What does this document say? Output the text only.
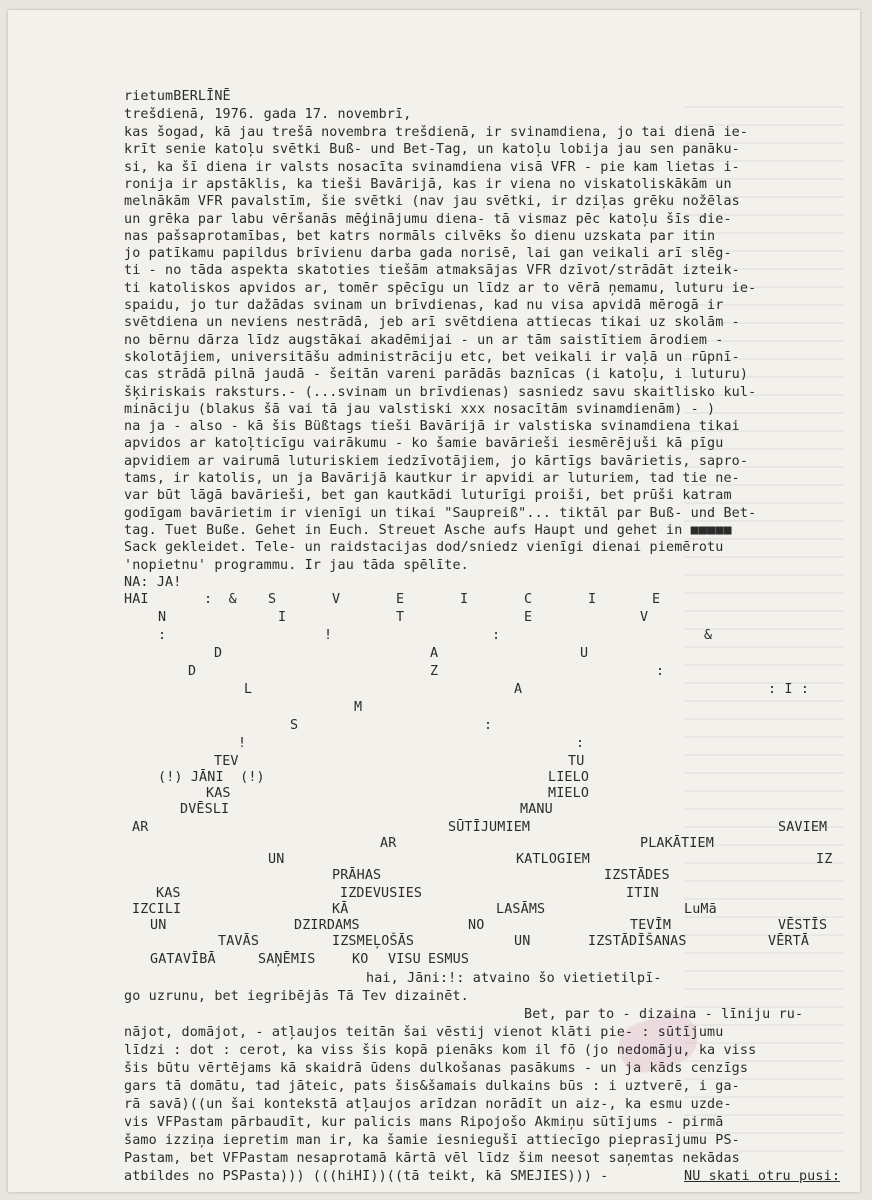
rietumBERLĪNĒ
trešdienā, 1976. gada 17. novembrī,
kas šogad, kā jau trešā novembra trešdienā, ir svinamdiena, jo tai dienā ie-
krīt senie katoļu svētki Buß- und Bet-Tag, un katoļu lobija jau sen panāku-
si, ka šī diena ir valsts nosacīta svinamdiena visā VFR - pie kam lietas i-
ronija ir apstāklis, ka tieši Bavārijā, kas ir viena no viskatoliskākām un
melnākām VFR pavalstīm, šie svētki (nav jau svētki, ir dziļas grēku nožēlas
un grēka par labu vēršanās mēģinājumu diena- tā vismaz pēc katoļu šīs die-
nas pašsaprotamības, bet katrs normāls cilvēks šo dienu uzskata par itin
jo patīkamu papildus brīvienu darba gada norisē, lai gan veikali arī slēg-
ti - no tāda aspekta skatoties tiešām atmaksājas VFR dzīvot/strādāt izteik-
ti katoliskos apvidos ar, tomēr spēcīgu un līdz ar to vērā ņemamu, luturu ie-
spaidu, jo tur dažādas svinam un brīvdienas, kad nu visa apvidā mērogā ir
svētdiena un neviens nestrādā, jeb arī svētdiena attiecas tikai uz skolām -
no bērnu dārza līdz augstākai akadēmijai - un ar tām saistītiem ārodiem -
skolotājiem, universitāšu administrāciju etc, bet veikali ir vaļā un rūpnī-
cas strādā pilnā jaudā - šeitān vareni parādās baznīcas (i katoļu, i luturu)
šķiriskais raksturs.- (...svinam un brīvdienas) sasniedz savu skaitlisko kul-
mināciju (blakus šā vai tā jau valstiski xxx nosacītām svinamdienām) - )
na ja - also - kā šis Büßtags tieši Bavārijā ir valstiska svinamdiena tikai
apvidos ar katoļticīgu vairākumu - ko šamie bavārieši iesmērējuši kā pīgu
apvidiem ar vairumā luturiskiem iedzīvotājiem, jo kārtīgs bavārietis, sapro-
tams, ir katolis, un ja Bavārijā kautkur ir apvidi ar luturiem, tad tie ne-
var būt lāgā bavārieši, bet gan kautkādi luturīgi proiši, bet prūši katram
godīgam bavārietim ir vienīgi un tikai "Saupreiß"... tiktāl par Buß- und Bet-
tag. Tuet Buße. Gehet in Euch. Streuet Asche aufs Haupt und gehet in ■■■■■
Sack gekleidet. Tele- un raidstacijas dod/sniedz vienīgi dienai piemērotu
'nopietnu' programmu. Ir jau tāda spēlīte.
NA: JA!
HAI	:  & S	V	E	I	C	I	E
N	I	T	E	V
:	!	:	&
D	A	U
D	Z	:
L	A	: I :
M
S	:
!	:
TEV	TU
(!) JĀNI  (!)	LIELO
KAS	MIELO
DVĒSLI	MANU
AR	SŪTĪJUMIEM	SAVIEM
AR	PLAKĀTIEM
UN	KATLOGIEM	IZ
PRĀHAS	IZSTĀDES
KAS	IZDEVUSIES	ITIN
IZCILI	KĀ	LASĀMS	LuMā
UN	DZIRDAMS	NO	TEVĪM	VĒSTĪS
TAVĀS	IZSMEĻOŠĀS	UN	IZSTĀDĪŠANAS	VĒRTĀ
GATAVĪBĀ	SAŅĒMIS	KO VISU ESMUS
hai, Jāni:!: atvaino šo vietietilpī-
go uzrunu, bet iegribējās Tā Tev dizainēt.
Bet, par to - dizaina - līniju ru-
nājot, domājot, - atļaujos teitān šai vēstij vienot klāti pie- : sūtījumu
līdzi : dot : cerot, ka viss šis kopā pienāks kom il fō (jo nedomāju, ka viss
šis būtu vērtējams kā skaidrā ūdens dulkošanas pasākums - un ja kāds cenzīgs
gars tā domātu, tad jāteic, pats šis&šamais dulkains būs : i uztverē, i ga-
rā savā)((un šai kontekstā atļaujos arīdzan norādīt un aiz-, ka esmu uzde-
vis VFPastam pārbaudīt, kur palicis mans Ripojošo Akmiņu sūtījums - pirmā
šamo izziņa iepretim man ir, ka šamie iesniegušī attiecīgo pieprasījumu PS-
Pastam, bet VFPastam nesaprotamā kārtā vēl līdz šim neesot saņemtas nekādas
atbildes no PSPasta))) (((hiHI))((tā teikt, kā SMEJIES))) -	NU skati otru pusi:
